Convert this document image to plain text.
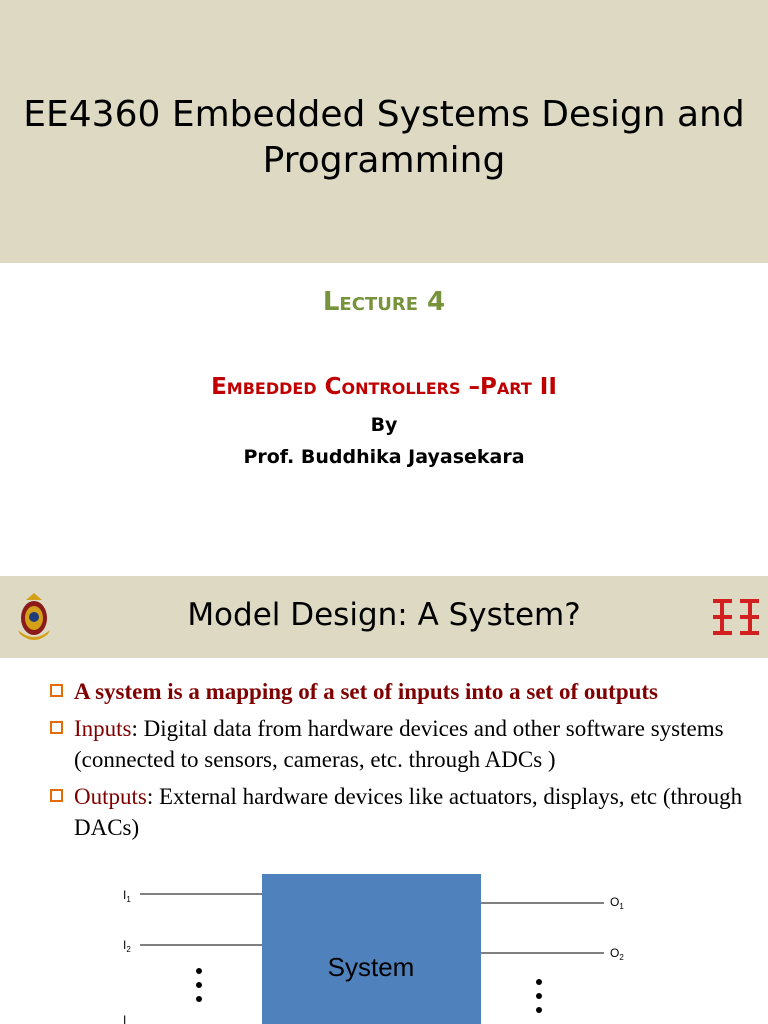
EE4360 Embedded Systems Design and Programming
Lecture 4
Embedded Controllers –Part II
By
Prof. Buddhika Jayasekara
Model Design: A System?
A system is a mapping of a set of inputs into a set of outputs
Inputs: Digital data from hardware devices and other software systems (connected to sensors, cameras, etc. through ADCs )
Outputs: External hardware devices like actuators, displays, etc (through DACs)
System
$I_1$
$I_2$
I
$O_1$
$O_2$
